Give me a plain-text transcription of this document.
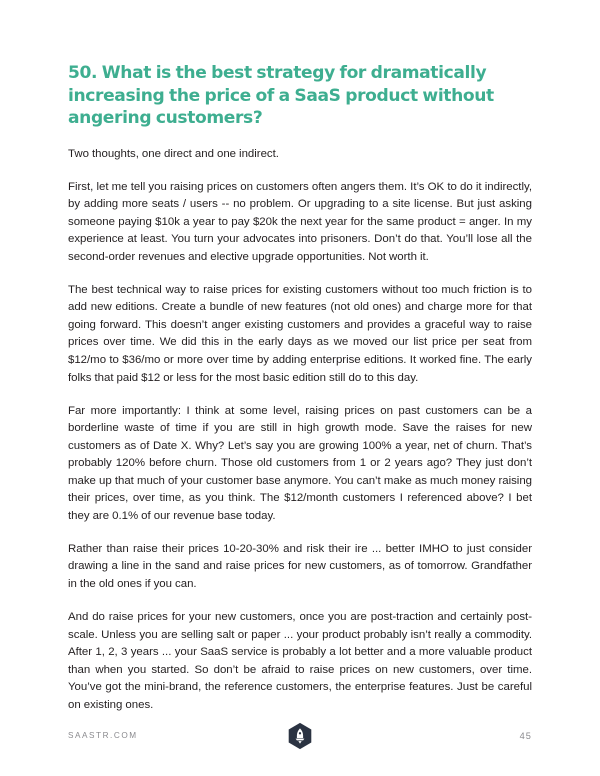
50. What is the best strategy for dramatically increasing the price of a SaaS product without angering customers?

Two thoughts, one direct and one indirect.

First, let me tell you raising prices on customers often angers them. It’s OK to do it indirectly, by adding more seats / users -- no problem. Or upgrading to a site license. But just asking someone paying $10k a year to pay $20k the next year for the same product = anger. In my experience at least. You turn your advocates into prisoners. Don’t do that. You’ll lose all the second-order revenues and elective upgrade opportunities. Not worth it.

The best technical way to raise prices for existing customers without too much friction is to add new editions. Create a bundle of new features (not old ones) and charge more for that going forward. This doesn’t anger existing customers and provides a graceful way to raise prices over time. We did this in the early days as we moved our list price per seat from $12/mo to $36/mo or more over time by adding enterprise editions. It worked fine. The early folks that paid $12 or less for the most basic edition still do to this day.

Far more importantly: I think at some level, raising prices on past customers can be a borderline waste of time if you are still in high growth mode. Save the raises for new customers as of Date X. Why? Let’s say you are growing 100% a year, net of churn. That’s probably 120% before churn. Those old customers from 1 or 2 years ago? They just don’t make up that much of your customer base anymore. You can’t make as much money raising their prices, over time, as you think. The $12/month customers I referenced above? I bet they are 0.1% of our revenue base today.

Rather than raise their prices 10-20-30% and risk their ire ... better IMHO to just consider drawing a line in the sand and raise prices for new customers, as of tomorrow. Grandfather in the old ones if you can.

And do raise prices for your new customers, once you are post-traction and certainly post-scale. Unless you are selling salt or paper ... your product probably isn’t really a commodity. After 1, 2, 3 years ... your SaaS service is probably a lot better and a more valuable product than when you started. So don’t be afraid to raise prices on new customers, over time. You’ve got the mini-brand, the reference customers, the enterprise features. Just be careful on existing ones.

SAASTR.COM	45
